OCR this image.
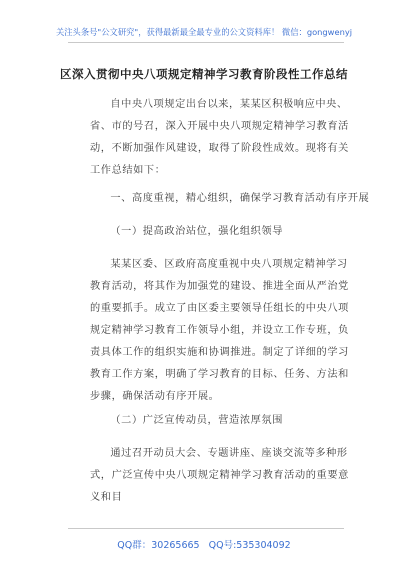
关注头条号"公文研究"，获得最新最全最专业的公文资料库！ 微信：gongwenyj
区深入贯彻中央八项规定精神学习教育阶段性工作总结

自中央八项规定出台以来，某某区积极响应中央、省、市的号召，深入开展中央八项规定精神学习教育活动，不断加强作风建设，取得了阶段性成效。现将有关工作总结如下：

一、高度重视，精心组织，确保学习教育活动有序开展

（一）提高政治站位，强化组织领导

某某区委、区政府高度重视中央八项规定精神学习教育活动，将其作为加强党的建设、推进全面从严治党的重要抓手。成立了由区委主要领导任组长的中央八项规定精神学习教育工作领导小组，并设立工作专班，负责具体工作的组织实施和协调推进。制定了详细的学习教育工作方案，明确了学习教育的目标、任务、方法和步骤，确保活动有序开展。

（二）广泛宣传动员，营造浓厚氛围

通过召开动员大会、专题讲座、座谈交流等多种形式，广泛宣传中央八项规定精神学习教育活动的重要意义和目

QQ群：30265665 QQ号:535304092
